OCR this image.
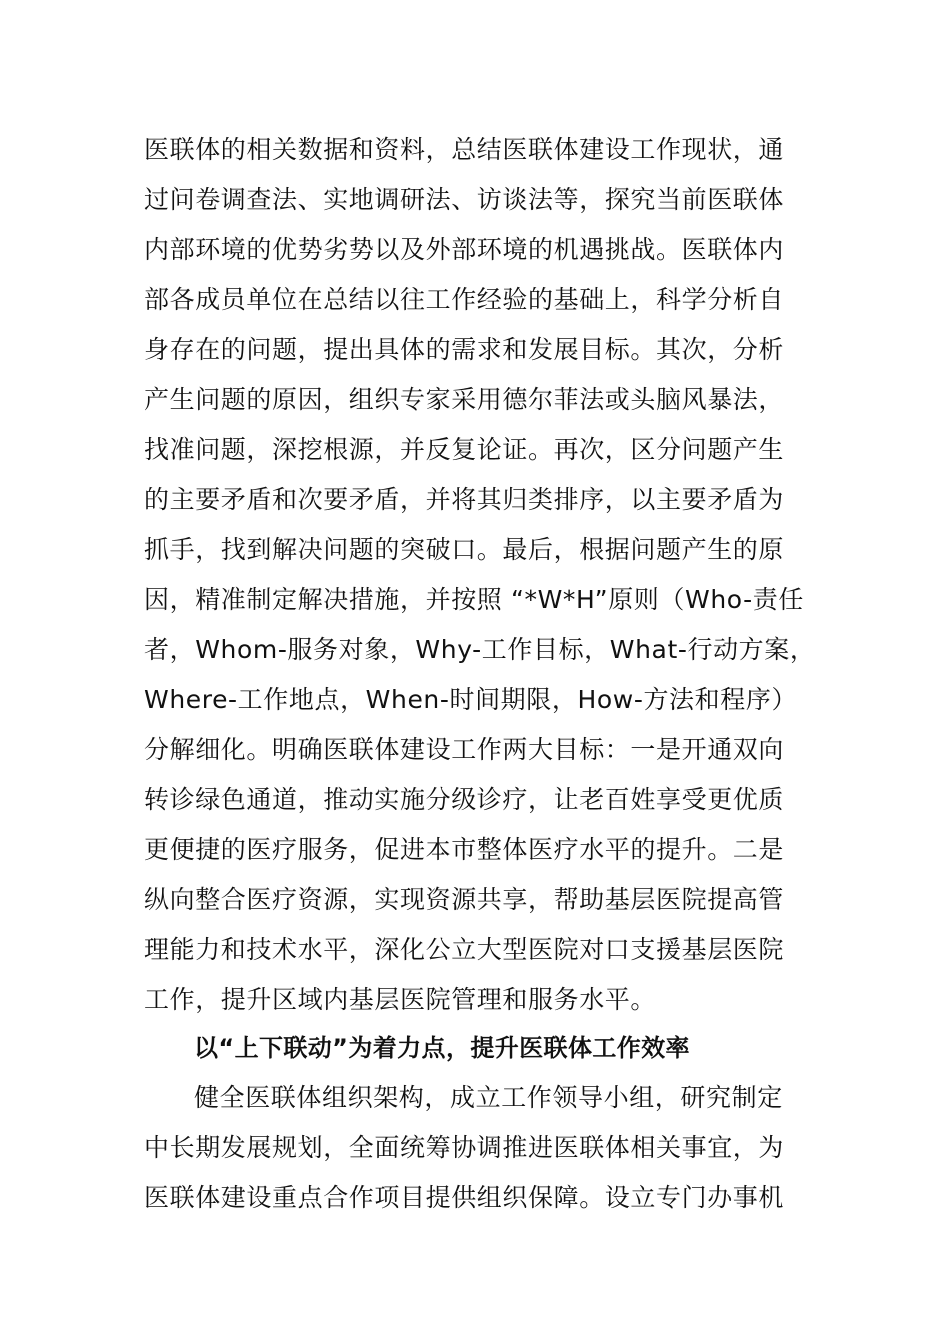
医联体的相关数据和资料，总结医联体建设工作现状，通
过问卷调查法、实地调研法、访谈法等，探究当前医联体
内部环境的优势劣势以及外部环境的机遇挑战。医联体内
部各成员单位在总结以往工作经验的基础上，科学分析自
身存在的问题，提出具体的需求和发展目标。其次，分析
产生问题的原因，组织专家采用德尔菲法或头脑风暴法，
找准问题，深挖根源，并反复论证。再次，区分问题产生
的主要矛盾和次要矛盾，并将其归类排序，以主要矛盾为
抓手，找到解决问题的突破口。最后，根据问题产生的原
因，精准制定解决措施，并按照 “*W*H”原则（Who-责任
者，Whom-服务对象，Why-工作目标，What-行动方案，
Where-工作地点，When-时间期限，How-方法和程序）
分解细化。明确医联体建设工作两大目标：一是开通双向
转诊绿色通道，推动实施分级诊疗，让老百姓享受更优质
更便捷的医疗服务，促进本市整体医疗水平的提升。二是
纵向整合医疗资源，实现资源共享，帮助基层医院提高管
理能力和技术水平，深化公立大型医院对口支援基层医院
工作，提升区域内基层医院管理和服务水平。
以“上下联动”为着力点，提升医联体工作效率
健全医联体组织架构，成立工作领导小组，研究制定
中长期发展规划，全面统筹协调推进医联体相关事宜，为
医联体建设重点合作项目提供组织保障。设立专门办事机
